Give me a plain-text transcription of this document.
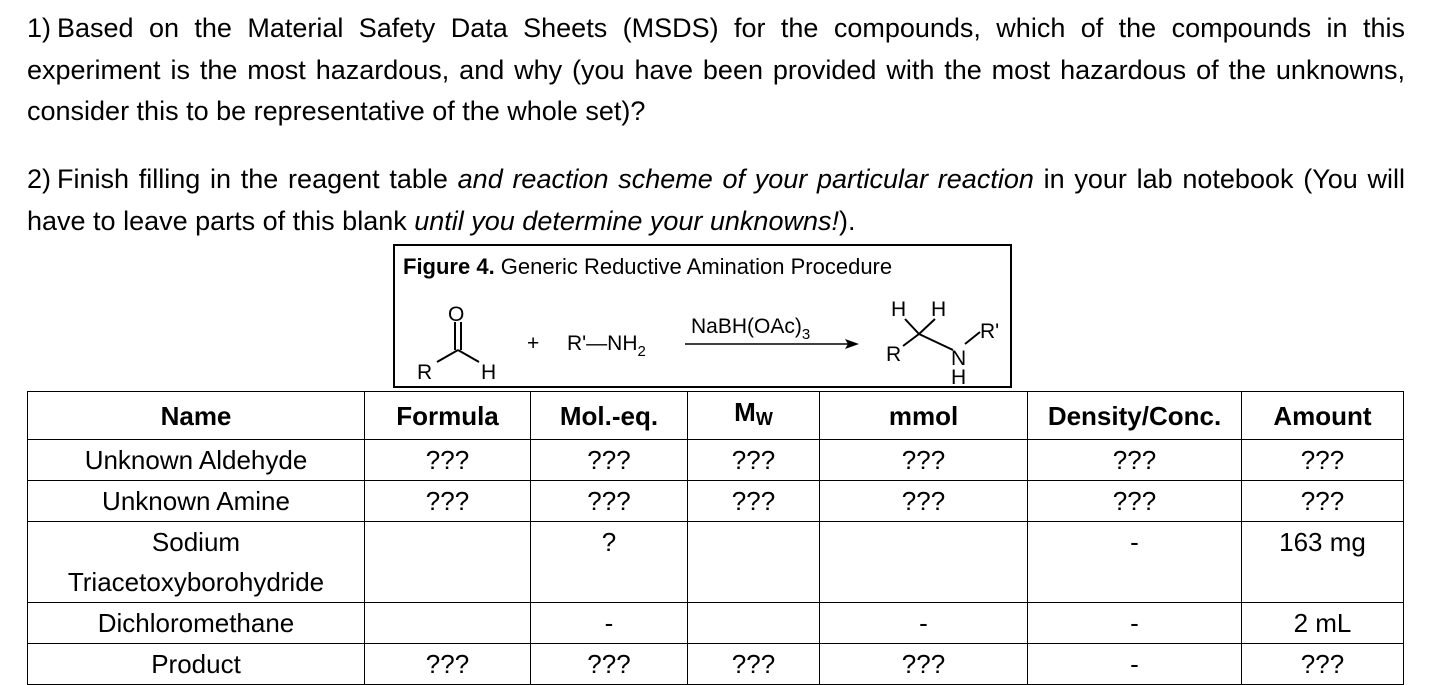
1) Based on the Material Safety Data Sheets (MSDS) for the compounds, which of the compounds in this experiment is the most hazardous, and why (you have been provided with the most hazardous of the unknowns, consider this to be representative of the whole set)?
2) Finish filling in the reagent table and reaction scheme of your particular reaction in your lab notebook (You will have to leave parts of this blank until you determine your unknowns!).
Figure 4. Generic Reductive Amination Procedure
O
R H
+ $R'—NH_2$
$NaBH(OAc)_3$
H H
R N
H
R'
Name	Formula	Mol.-eq.	$M_W$	mmol	Density/Conc.	Amount
Unknown Aldehyde	???	???	???	???	???	???
Unknown Amine	???	???	???	???	???	???
Sodium Triacetoxyborohydride		?			-	163 mg
Dichloromethane		-		-	-	2 mL
Product	???	???	???	???	-	???
